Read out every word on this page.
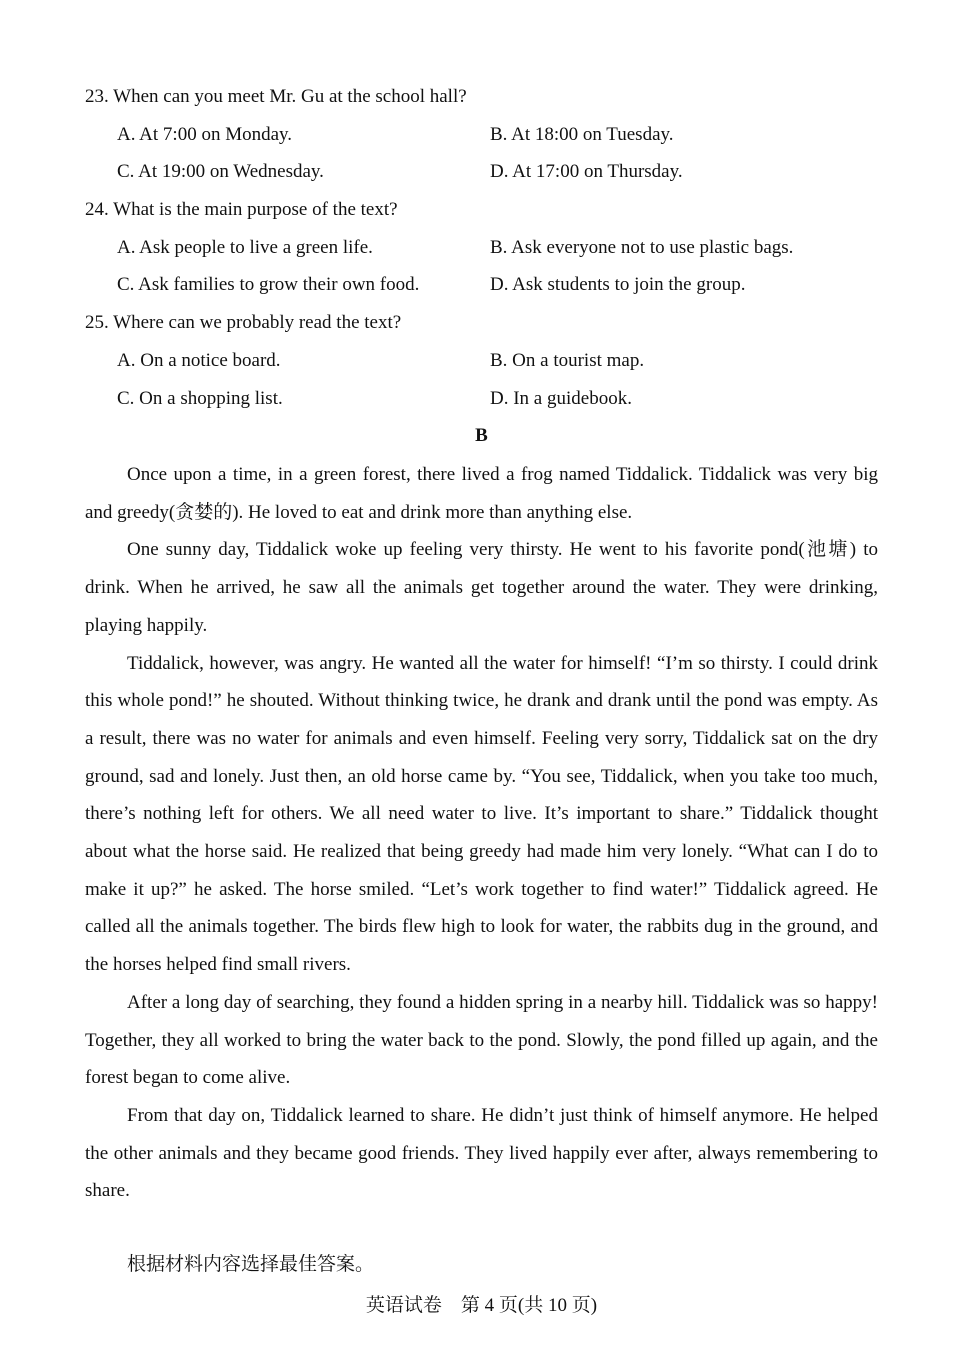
23. When can you meet Mr. Gu at the school hall?
A. At 7:00 on Monday.	B. At 18:00 on Tuesday.
C. At 19:00 on Wednesday.	D. At 17:00 on Thursday.
24. What is the main purpose of the text?
A. Ask people to live a green life.	B. Ask everyone not to use plastic bags.
C. Ask families to grow their own food.	D. Ask students to join the group.
25. Where can we probably read the text?
A. On a notice board.	B. On a tourist map.
C. On a shopping list.	D. In a guidebook.
B

Once upon a time, in a green forest, there lived a frog named Tiddalick. Tiddalick was very big and greedy(贪婪的). He loved to eat and drink more than anything else.

One sunny day, Tiddalick woke up feeling very thirsty. He went to his favorite pond(池塘) to drink. When he arrived, he saw all the animals get together around the water. They were drinking, playing happily.

Tiddalick, however, was angry. He wanted all the water for himself! “I’m so thirsty. I could drink this whole pond!” he shouted. Without thinking twice, he drank and drank until the pond was empty. As a result, there was no water for animals and even himself. Feeling very sorry, Tiddalick sat on the dry ground, sad and lonely. Just then, an old horse came by. “You see, Tiddalick, when you take too much, there’s nothing left for others. We all need water to live. It’s important to share.” Tiddalick thought about what the horse said. He realized that being greedy had made him very lonely. “What can I do to make it up?” he asked. The horse smiled. “Let’s work together to find water!” Tiddalick agreed. He called all the animals together. The birds flew high to look for water, the rabbits dug in the ground, and the horses helped find small rivers.

After a long day of searching, they found a hidden spring in a nearby hill. Tiddalick was so happy! Together, they all worked to bring the water back to the pond. Slowly, the pond filled up again, and the forest began to come alive.

From that day on, Tiddalick learned to share. He didn’t just think of himself anymore. He helped the other animals and they became good friends. They lived happily ever after, always remembering to share.

根据材料内容选择最佳答案。
英语试卷　第 4 页(共 10 页)
